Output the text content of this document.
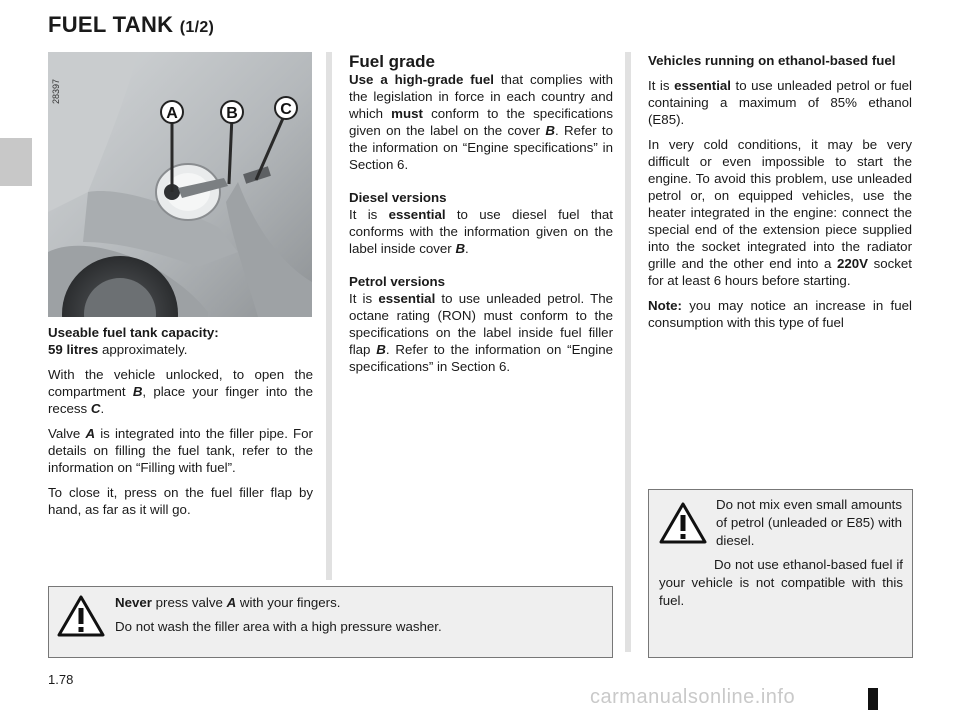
FUEL TANK (1/2)
A	B	C
28397

Useable fuel tank capacity:
59 litres approximately.

With the vehicle unlocked, to open the compartment B, place your finger into the recess C.

Valve A is integrated into the filler pipe. For details on filling the fuel tank, refer to the information on “Filling with fuel”.

To close it, press on the fuel filler flap by hand, as far as it will go.

Fuel grade

Use a high-grade fuel that complies with the legislation in force in each country and which must conform to the specifications given on the label on the cover B. Refer to the information on “Engine specifications” in Section 6.

Diesel versions
It is essential to use diesel fuel that conforms with the information given on the label inside cover B.

Petrol versions
It is essential to use unleaded petrol. The octane rating (RON) must conform to the specifications on the label inside fuel filler flap B. Refer to the information on “Engine specifications” in Section 6.

Vehicles running on ethanol-based fuel

It is essential to use unleaded petrol or fuel containing a maximum of 85% ethanol (E85).

In very cold conditions, it may be very difficult or even impossible to start the engine. To avoid this problem, use unleaded petrol or, on equipped vehicles, use the heater integrated in the engine: connect the special end of the extension piece supplied into the socket integrated into the radiator grille and the other end into a 220V socket for at least 6 hours before starting.

Note: you may notice an increase in fuel consumption with this type of fuel

Do not mix even small amounts of petrol (unleaded or E85) with diesel.
Do not use ethanol-based fuel if your vehicle is not compatible with this fuel.
Never press valve A with your fingers.
Do not wash the filler area with a high pressure washer.
1.78
carmanualsonline.info
